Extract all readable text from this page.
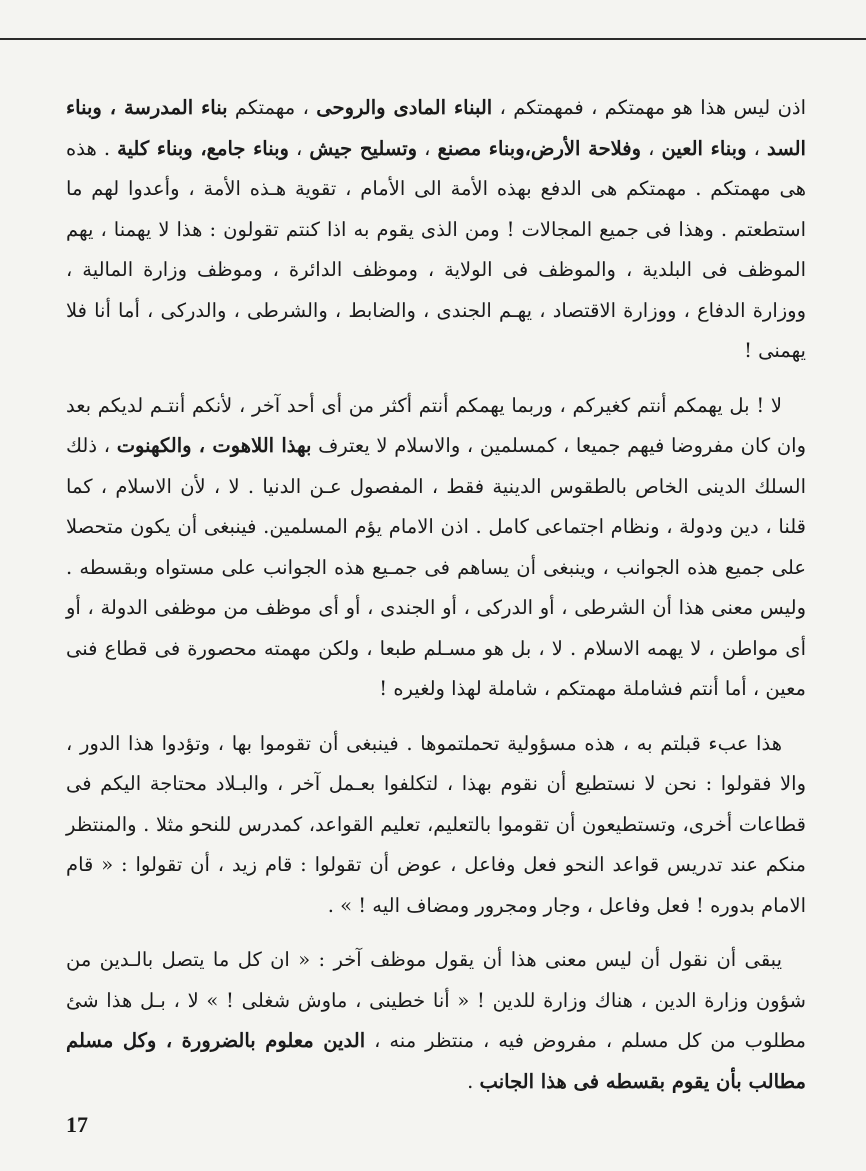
اذن ليس هذا هو مهمتكم ، فمهمتكم ، البناء المادى والروحى ، مهمتكم بناء المدرسة ، وبناء السد ، وبناء العين ، وفلاحة الأرض،وبناء مصنع ، وتسليح جيش ، وبناء جامع، وبناء كلية . هذه هى مهمتكم . مهمتكم هى الدفع بهذه الأمة الى الأمام ، تقوية هـذه الأمة ، وأعدوا لهم ما استطعتم . وهذا فى جميع المجالات ! ومن الذى يقوم به اذا كنتم تقولون : هذا لا يهمنا ، يهم الموظف فى البلدية ، والموظف فى الولاية ، وموظف الدائرة ، وموظف وزارة المالية ، ووزارة الدفاع ، ووزارة الاقتصاد ، يهـم الجندى ، والضابط ، والشرطى ، والدركى ، أما أنا فلا يهمنى !

لا ! بل يهمكم أنتم كغيركم ، وربما يهمكم أنتم أكثر من أى أحد آخر ، لأنكم أنتـم لديكم بعد وان كان مفروضا فيهم جميعا ، كمسلمين ، والاسلام لا يعترف بهذا اللاهوت ، والكهنوت ، ذلك السلك الدينى الخاص بالطقوس الدينية فقط ، المفصول عـن الدنيا . لا ، لأن الاسلام ، كما قلنا ، دين ودولة ، ونظام اجتماعى كامل . اذن الامام يؤم المسلمين. فينبغى أن يكون متحصلا على جميع هذه الجوانب ، وينبغى أن يساهم فى جمـيع هذه الجوانب على مستواه وبقسطه . وليس معنى هذا أن الشرطى ، أو الدركى ، أو الجندى ، أو أى موظف من موظفى الدولة ، أو أى مواطن ، لا يهمه الاسلام . لا ، بل هو مسـلم طبعا ، ولكن مهمته محصورة فى قطاع فنى معين ، أما أنتم فشاملة مهمتكم ، شاملة لهذا ولغيره !

هذا عبء قبلتم به ، هذه مسؤولية تحملتموها . فينبغى أن تقوموا بها ، وتؤدوا هذا الدور ، والا فقولوا : نحن لا نستطيع أن نقوم بهذا ، لتكلفوا بعـمل آخر ، والبـلاد محتاجة اليكم فى قطاعات أخرى، وتستطيعون أن تقوموا بالتعليم، تعليم القواعد، كمدرس للنحو مثلا . والمنتظر منكم عند تدريس قواعد النحو فعل وفاعل ، عوض أن تقولوا : قام زيد ، أن تقولوا : « قام الامام بدوره ! فعل وفاعل ، وجار ومجرور ومضاف اليه ! » .

يبقى أن نقول أن ليس معنى هذا أن يقول موظف آخر : « ان كل ما يتصل بالـدين من شؤون وزارة الدين ، هناك وزارة للدين ! « أنا خطينى ، ماوش شغلى ! » لا ، بـل هذا شئ مطلوب من كل مسلم ، مفروض فيه ، منتظر منه ، الدين معلوم بالضرورة ، وكل مسلم مطالب بأن يقوم بقسطه فى هذا الجانب .

17
